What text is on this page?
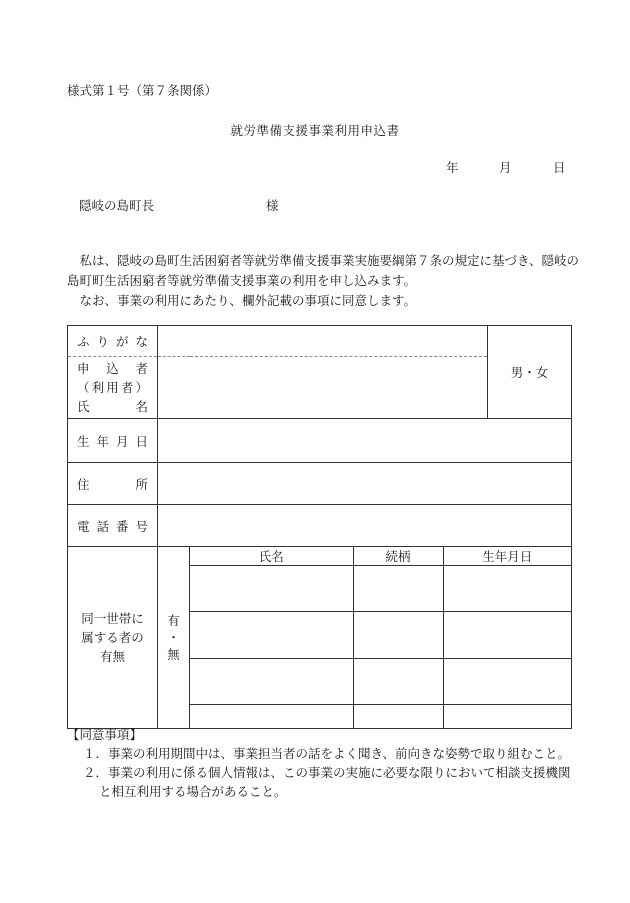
様式第１号（第７条関係）
就労準備支援事業利用申込書
年	月	日
隠岐の島町長	様

　私は、隠岐の島町生活困窮者等就労準備支援事業実施要綱第７条の規定に基づき、隠岐の島町町生活困窮者等就労準備支援事業の利用を申し込みます。

　なお、事業の利用にあたり、欄外記載の事項に同意します。

ふりがな		男・女

申込者
（利用者）
氏名

生年月日	
住所	
電話番号	

同一世帯に
属する者の
有無

有
・
無

氏名	続柄	生年月日

【同意事項】
１．事業の利用期間中は、事業担当者の話をよく聞き、前向きな姿勢で取り組むこと。
２．事業の利用に係る個人情報は、この事業の実施に必要な限りにおいて相談支援機関と相互利用する場合があること。
